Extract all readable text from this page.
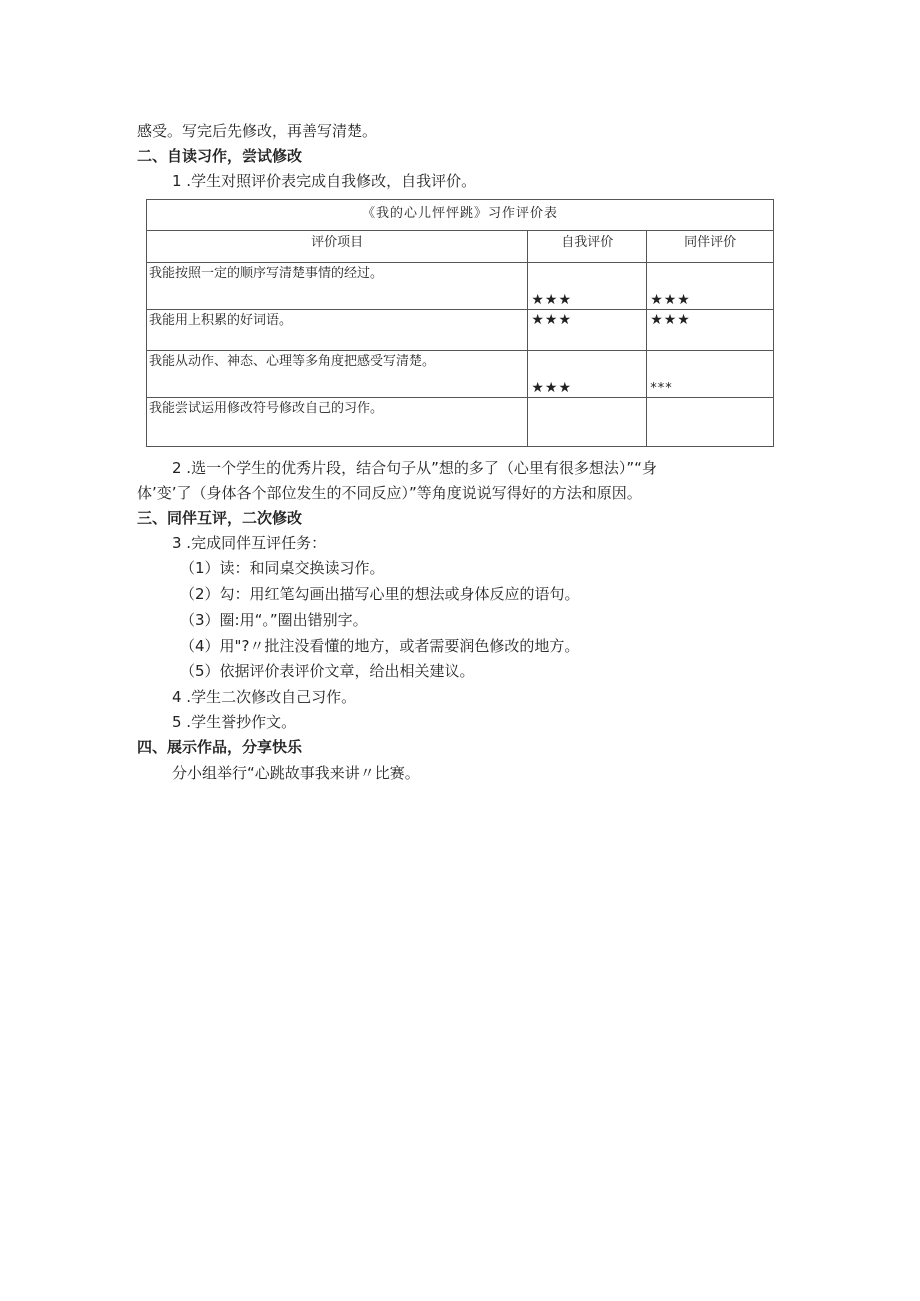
感受。写完后先修改，再善写清楚。
二、自读习作，尝试修改
1 .学生对照评价表完成自我修改，自我评价。
《我的心儿怦怦跳》习作评价表		
评价项目	自我评价	同伴评价
我能按照一定的顺序写清楚事情的经过。	★★★	★★★

我能用上积累的好词语。	★★★	★★★

我能从动作、神态、心理等多角度把感受写清楚。	★★★	***

我能尝试运用修改符号修改自己的习作。	

2 .选一个学生的优秀片段，结合句子从”想的多了（心里有很多想法）”“身
体’变’了（身体各个部位发生的不同反应）”等角度说说写得好的方法和原因。
三、同伴互评，二次修改
3 .完成同伴互评任务：
（1）读：和同桌交换读习作。
（2）勾：用红笔勾画出描写心里的想法或身体反应的语句。
（3）圈:用“。”圈出错别字。
（4）用"?〃批注没看懂的地方，或者需要润色修改的地方。
（5）依据评价表评价文章，给出相关建议。
4 .学生二次修改自己习作。
5 .学生誉抄作文。
四、展示作品，分享快乐
分小组举行“心跳故事我来讲〃比赛。
